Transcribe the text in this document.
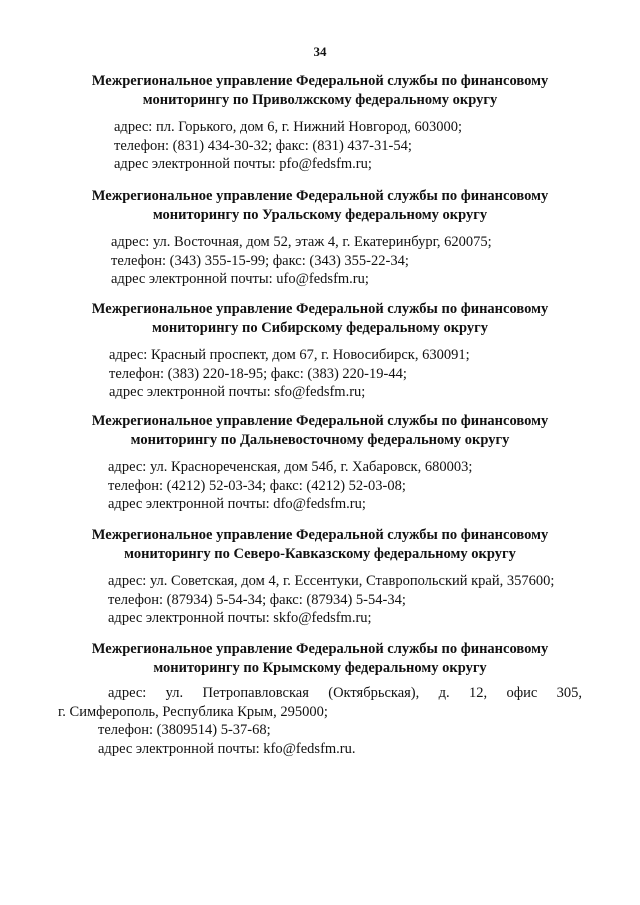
34
Межрегиональное управление Федеральной службы по финансовому
мониторингу по Приволжскому федеральному округу
адрес: пл. Горького, дом 6, г. Нижний Новгород, 603000;
телефон: (831) 434-30-32; факс: (831) 437-31-54;
адрес электронной почты: pfo@fedsfm.ru;
Межрегиональное управление Федеральной службы по финансовому
мониторингу по Уральскому федеральному округу
адрес: ул. Восточная, дом 52, этаж 4, г. Екатеринбург, 620075;
телефон: (343) 355-15-99; факс: (343) 355-22-34;
адрес электронной почты: ufo@fedsfm.ru;
Межрегиональное управление Федеральной службы по финансовому
мониторингу по Сибирскому федеральному округу
адрес: Красный проспект, дом 67, г. Новосибирск, 630091;
телефон: (383) 220-18-95; факс: (383) 220-19-44;
адрес электронной почты: sfo@fedsfm.ru;
Межрегиональное управление Федеральной службы по финансовому
мониторингу по Дальневосточному федеральному округу
адрес: ул. Краснореченская, дом 54б, г. Хабаровск, 680003;
телефон: (4212) 52-03-34; факс: (4212) 52-03-08;
адрес электронной почты: dfo@fedsfm.ru;
Межрегиональное управление Федеральной службы по финансовому
мониторингу по Северо-Кавказскому федеральному округу
адрес: ул. Советская, дом 4, г. Ессентуки, Ставропольский край, 357600;
телефон: (87934) 5-54-34; факс: (87934) 5-54-34;
адрес электронной почты: skfo@fedsfm.ru;
Межрегиональное управление Федеральной службы по финансовому
мониторингу по Крымскому федеральному округу
адрес: ул. Петропавловская (Октябрьская), д. 12, офис 305,
г. Симферополь, Республика Крым, 295000;
телефон: (3809514) 5-37-68;
адрес электронной почты: kfo@fedsfm.ru.
